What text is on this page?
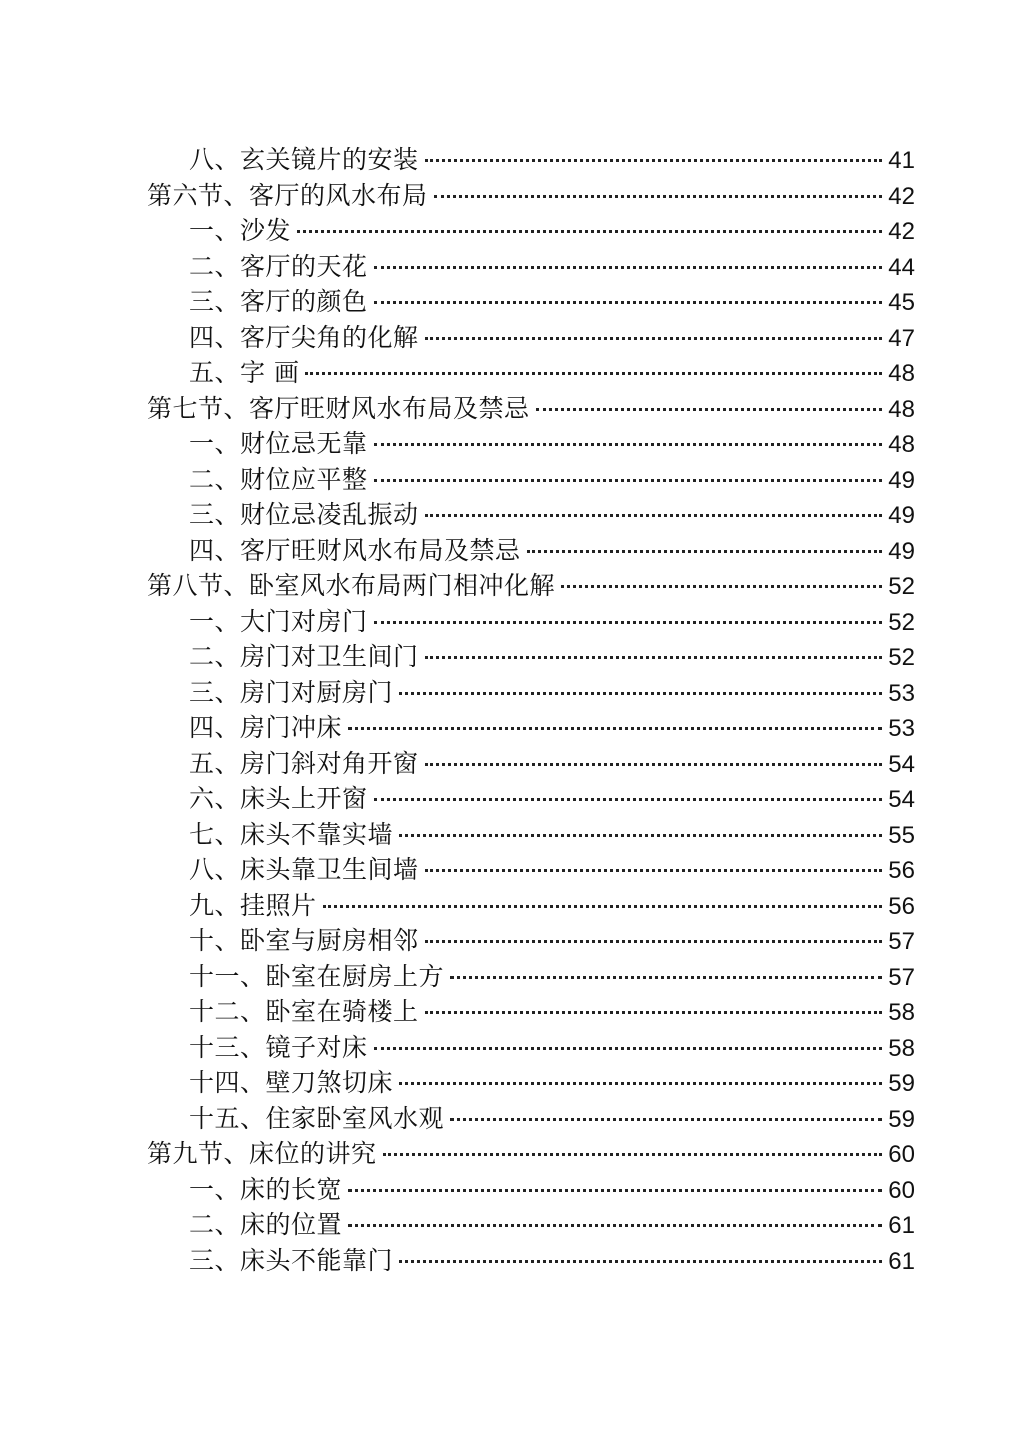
八、玄关镜片的安装	41
第六节、客厅的风水布局	42
一、沙发	42
二、客厅的天花	44
三、客厅的颜色	45
四、客厅尖角的化解	47
五、字 画	48
第七节、客厅旺财风水布局及禁忌	48
一、财位忌无靠	48
二、财位应平整	49
三、财位忌凌乱振动	49
四、客厅旺财风水布局及禁忌	49
第八节、卧室风水布局两门相冲化解	52
一、大门对房门	52
二、房门对卫生间门	52
三、房门对厨房门	53
四、房门冲床	53
五、房门斜对角开窗	54
六、床头上开窗	54
七、床头不靠实墙	55
八、床头靠卫生间墙	56
九、挂照片	56
十、卧室与厨房相邻	57
十一、卧室在厨房上方	57
十二、卧室在骑楼上	58
十三、镜子对床	58
十四、壁刀煞切床	59
十五、住家卧室风水观	59
第九节、床位的讲究	60
一、床的长宽	60
二、床的位置	61
三、床头不能靠门	61
